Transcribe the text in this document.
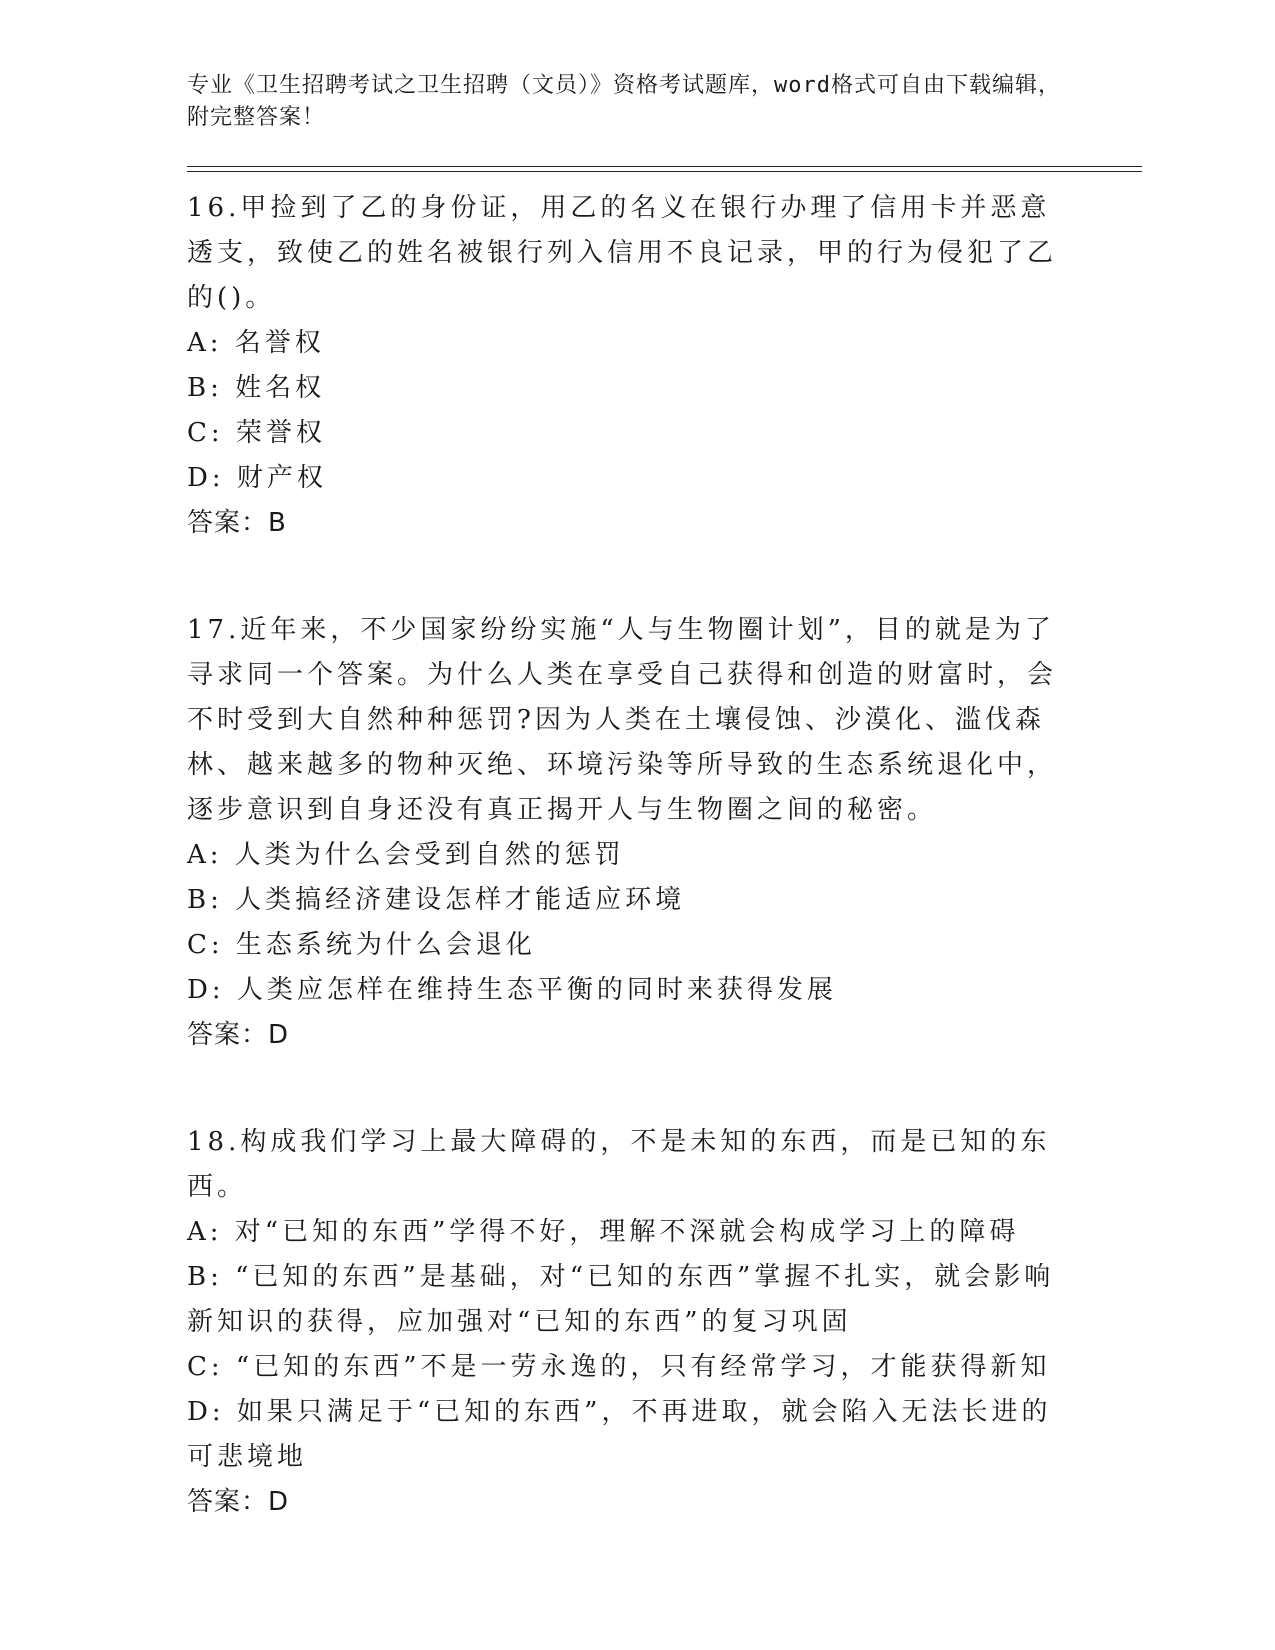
专业《卫生招聘考试之卫生招聘（文员）》资格考试题库，word格式可自由下载编辑，附完整答案！

16.甲捡到了乙的身份证，用乙的名义在银行办理了信用卡并恶意透支，致使乙的姓名被银行列入信用不良记录，甲的行为侵犯了乙的()。

A: 名誉权

B: 姓名权

C: 荣誉权

D: 财产权

答案：B

17.近年来，不少国家纷纷实施“人与生物圈计划”，目的就是为了寻求同一个答案。为什么人类在享受自己获得和创造的财富时，会不时受到大自然种种惩罚?因为人类在土壤侵蚀、沙漠化、滥伐森林、越来越多的物种灭绝、环境污染等所导致的生态系统退化中，逐步意识到自身还没有真正揭开人与生物圈之间的秘密。

A: 人类为什么会受到自然的惩罚

B: 人类搞经济建设怎样才能适应环境

C: 生态系统为什么会退化

D: 人类应怎样在维持生态平衡的同时来获得发展

答案：D

18.构成我们学习上最大障碍的，不是未知的东西，而是已知的东西。

A: 对“已知的东西”学得不好，理解不深就会构成学习上的障碍

B: “已知的东西”是基础，对“已知的东西”掌握不扎实，就会影响新知识的获得，应加强对“已知的东西”的复习巩固

C: “已知的东西”不是一劳永逸的，只有经常学习，才能获得新知

D: 如果只满足于“已知的东西”，不再进取，就会陷入无法长进的可悲境地

答案：D
